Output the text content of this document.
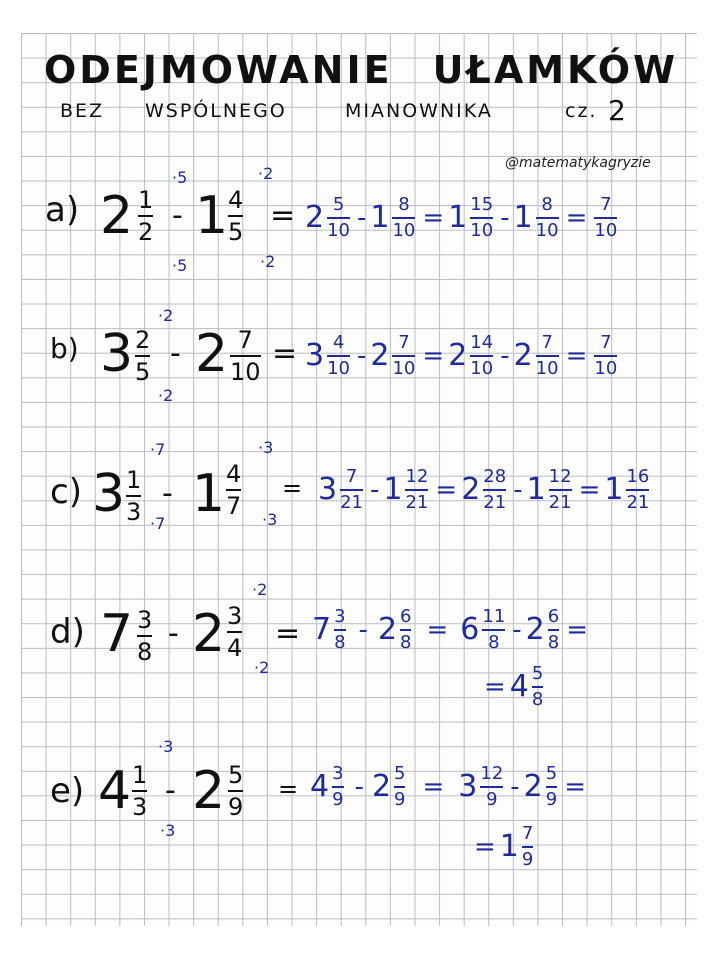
ODEJMOWANIE UŁAMKÓW
BEZ WSPÓLNEGO	MIANOWNIKA	cz. 2
@matematykagryzie
a) 2 1
2
·5
·5
- 1 4
5
·2
·2
= $2 \frac{5}{10} - 1 \frac{8}{10} = 1 \frac{15}{10} - 1 \frac{8}{10} = \frac{7}{10}$
b) 3 2
5
·2
·2
- 2 7
10
= $3 \frac{4}{10} - 2 \frac{7}{10} = 2 \frac{14}{10} - 2 \frac{7}{10} = \frac{7}{10}$
c) 3 1
3
·7
·7
- 1 4
7
·3
·3
= $3 \frac{7}{21} - 1 \frac{12}{21} = 2 \frac{28}{21} - 1 \frac{12}{21} = 1 \frac{16}{21}$
d) 7 3
8
- 2 3
4
·2
·2
= $7 \frac{3}{8} - 2 \frac{6}{8} = 6 \frac{11}{8} - 2 \frac{6}{8}$ =
= $4 \frac{5}{8}$
e) 4 1
3
·3
·3
- 2 5
9
= $4 \frac{3}{9} - 2 \frac{5}{9} = 3 \frac{12}{9} - 2 \frac{5}{9}$ =
= $1 \frac{7}{9}$
